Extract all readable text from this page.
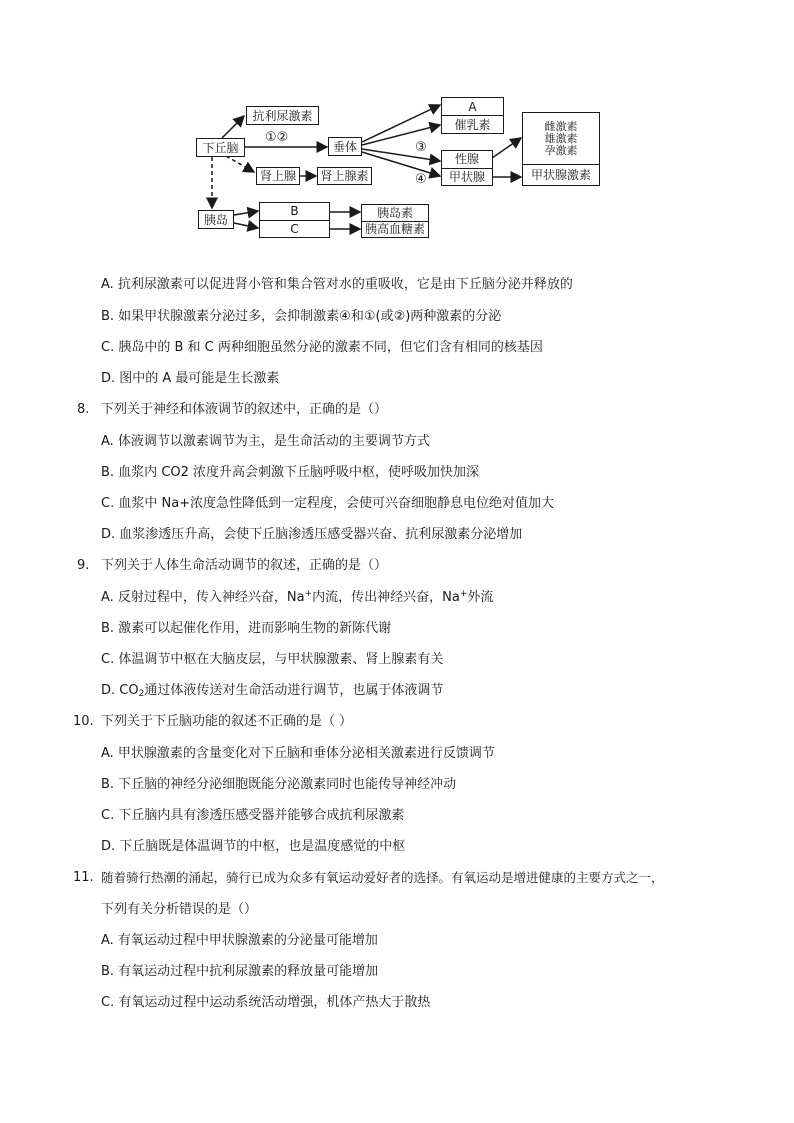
下丘脑
抗利尿激素
①②
垂体
A
催乳素
③
④
性腺
甲状腺
雌激素
雄激素
孕激素
甲状腺激素
肾上腺 肾上腺素
胰岛
B
C
胰岛素
胰高血糖素
A. 抗利尿激素可以促进肾小管和集合管对水的重吸收，它是由下丘脑分泌并释放的
B. 如果甲状腺激素分泌过多，会抑制激素④和①(或②)两种激素的分泌
C. 胰岛中的 B 和 C 两种细胞虽然分泌的激素不同，但它们含有相同的核基因
D. 图中的 A 最可能是生长激素
8. 下列关于神经和体液调节的叙述中，正确的是（）
A. 体液调节以激素调节为主，是生命活动的主要调节方式
B. 血浆内 CO2 浓度升高会刺激下丘脑呼吸中枢，使呼吸加快加深
C. 血浆中 Na+浓度急性降低到一定程度，会使可兴奋细胞静息电位绝对值加大
D. 血浆渗透压升高，会使下丘脑渗透压感受器兴奋、抗利尿激素分泌增加
9. 下列关于人体生命活动调节的叙述，正确的是（）
A. 反射过程中，传入神经兴奋，Na+内流，传出神经兴奋，Na+外流
B. 激素可以起催化作用，进而影响生物的新陈代谢
C. 体温调节中枢在大脑皮层，与甲状腺激素、肾上腺素有关
D. $CO_2$通过体液传送对生命活动进行调节，也属于体液调节
10. 下列关于下丘脑功能的叙述不正确的是（ ）
A. 甲状腺激素的含量变化对下丘脑和垂体分泌相关激素进行反馈调节
B. 下丘脑的神经分泌细胞既能分泌激素同时也能传导神经冲动
C. 下丘脑内具有渗透压感受器并能够合成抗利尿激素
D. 下丘脑既是体温调节的中枢，也是温度感觉的中枢
11. 随着骑行热潮的涌起，骑行已成为众多有氧运动爱好者的选择。有氧运动是增进健康的主要方式之一，
下列有关分析错误的是（）
A. 有氧运动过程中甲状腺激素的分泌量可能增加
B. 有氧运动过程中抗利尿激素的释放量可能增加
C. 有氧运动过程中运动系统活动增强，机体产热大于散热
